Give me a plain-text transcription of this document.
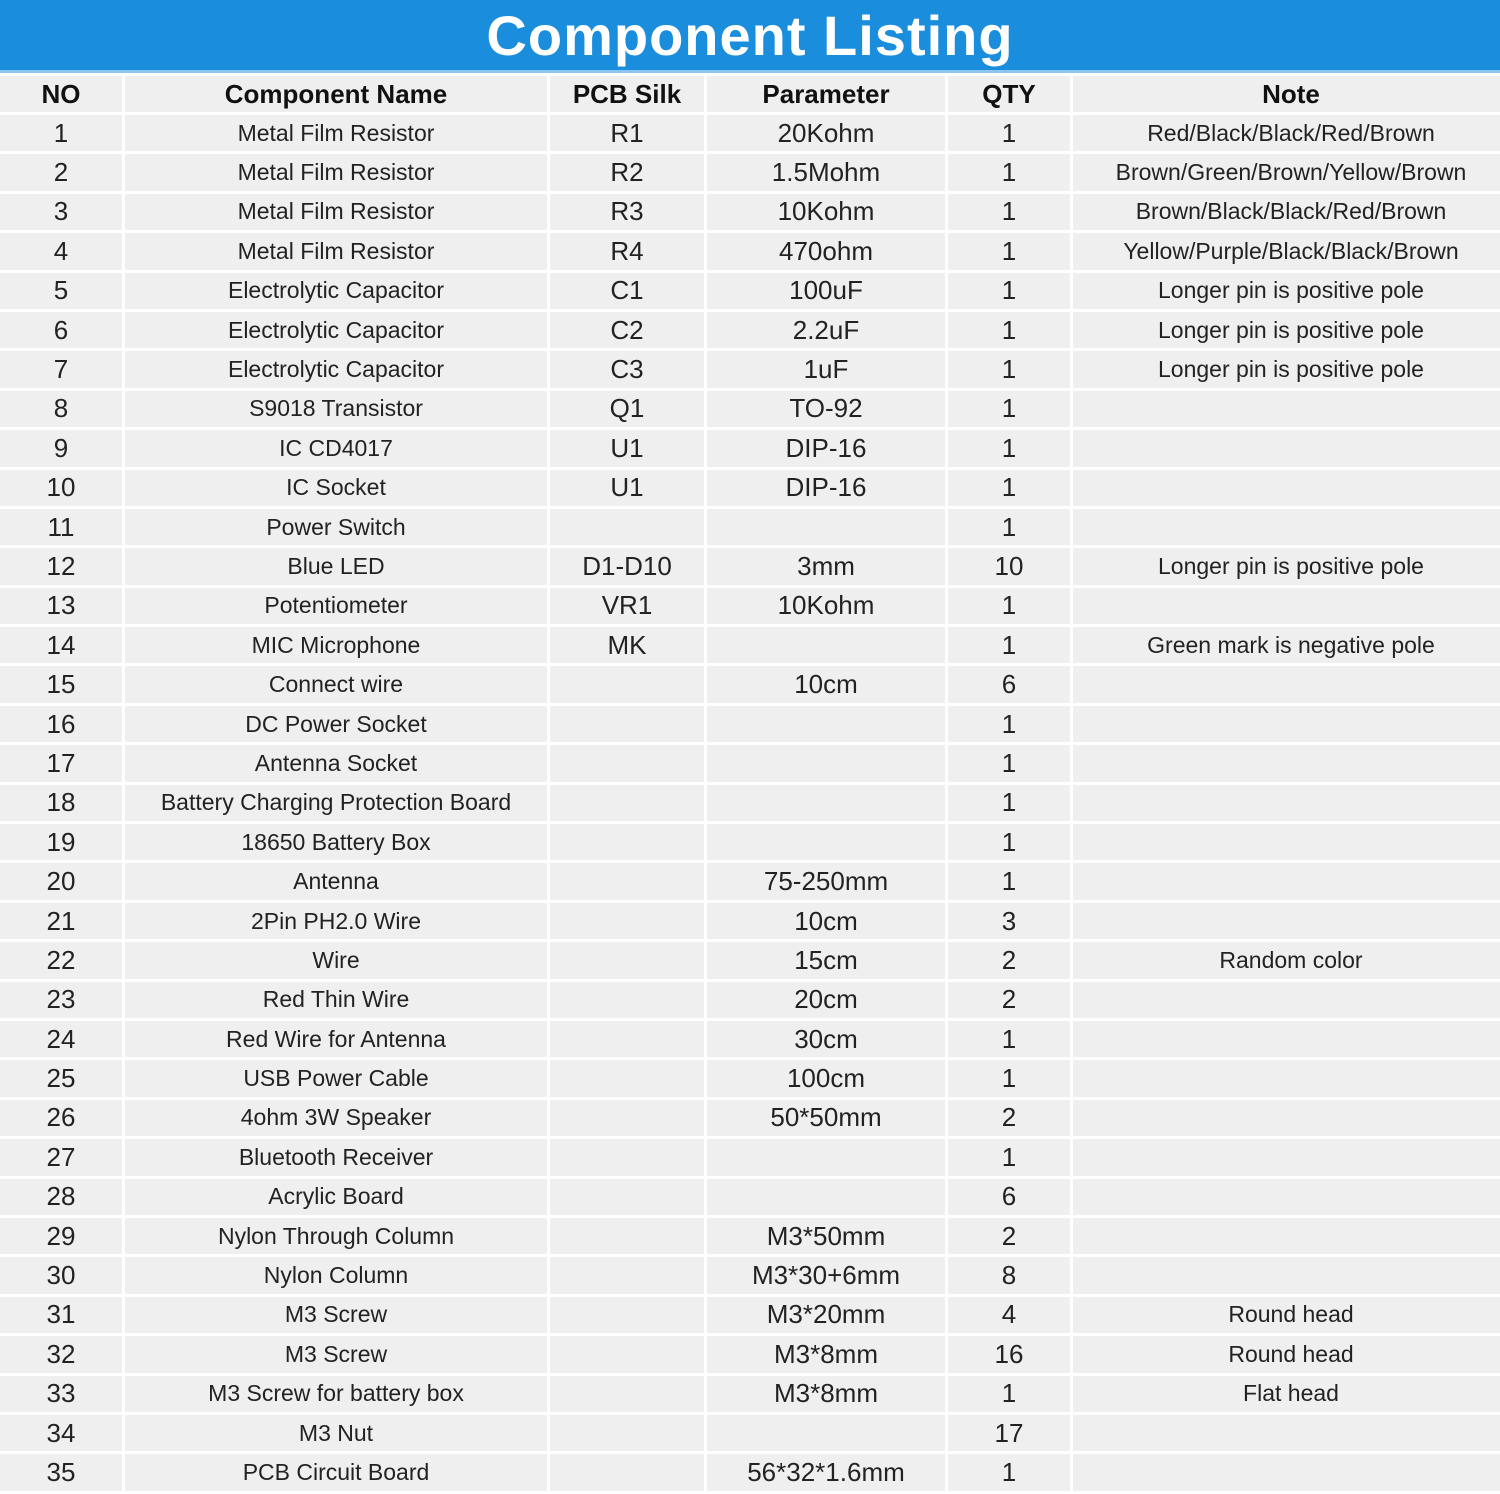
Component Listing
NO	Component Name	PCB Silk	Parameter	QTY	Note
1	Metal Film Resistor	R1	20Kohm	1	Red/Black/Black/Red/Brown
2	Metal Film Resistor	R2	1.5Mohm	1	Brown/Green/Brown/Yellow/Brown
3	Metal Film Resistor	R3	10Kohm	1	Brown/Black/Black/Red/Brown
4	Metal Film Resistor	R4	470ohm	1	Yellow/Purple/Black/Black/Brown
5	Electrolytic Capacitor	C1	100uF	1	Longer pin is positive pole
6	Electrolytic Capacitor	C2	2.2uF	1	Longer pin is positive pole
7	Electrolytic Capacitor	C3	1uF	1	Longer pin is positive pole
8	S9018 Transistor	Q1	TO-92	1	
9	IC CD4017	U1	DIP-16	1	
10	IC Socket	U1	DIP-16	1	
11	Power Switch			1	
12	Blue LED	D1-D10	3mm	10	Longer pin is positive pole
13	Potentiometer	VR1	10Kohm	1	
14	MIC Microphone	MK		1	Green mark is negative pole
15	Connect wire		10cm	6	
16	DC Power Socket			1	
17	Antenna Socket			1	
18	Battery Charging Protection Board			1	
19	18650 Battery Box			1	
20	Antenna		75-250mm	1	
21	2Pin PH2.0 Wire		10cm	3	
22	Wire		15cm	2	Random color
23	Red Thin Wire		20cm	2	
24	Red Wire for Antenna		30cm	1	
25	USB Power Cable		100cm	1	
26	4ohm 3W Speaker		50*50mm	2	
27	Bluetooth Receiver			1	
28	Acrylic Board			6	
29	Nylon Through Column		M3*50mm	2	
30	Nylon Column		M3*30+6mm	8	
31	M3 Screw		M3*20mm	4	Round head
32	M3 Screw		M3*8mm	16	Round head
33	M3 Screw for battery box		M3*8mm	1	Flat head
34	M3 Nut			17	
35	PCB Circuit Board		56*32*1.6mm	1	
